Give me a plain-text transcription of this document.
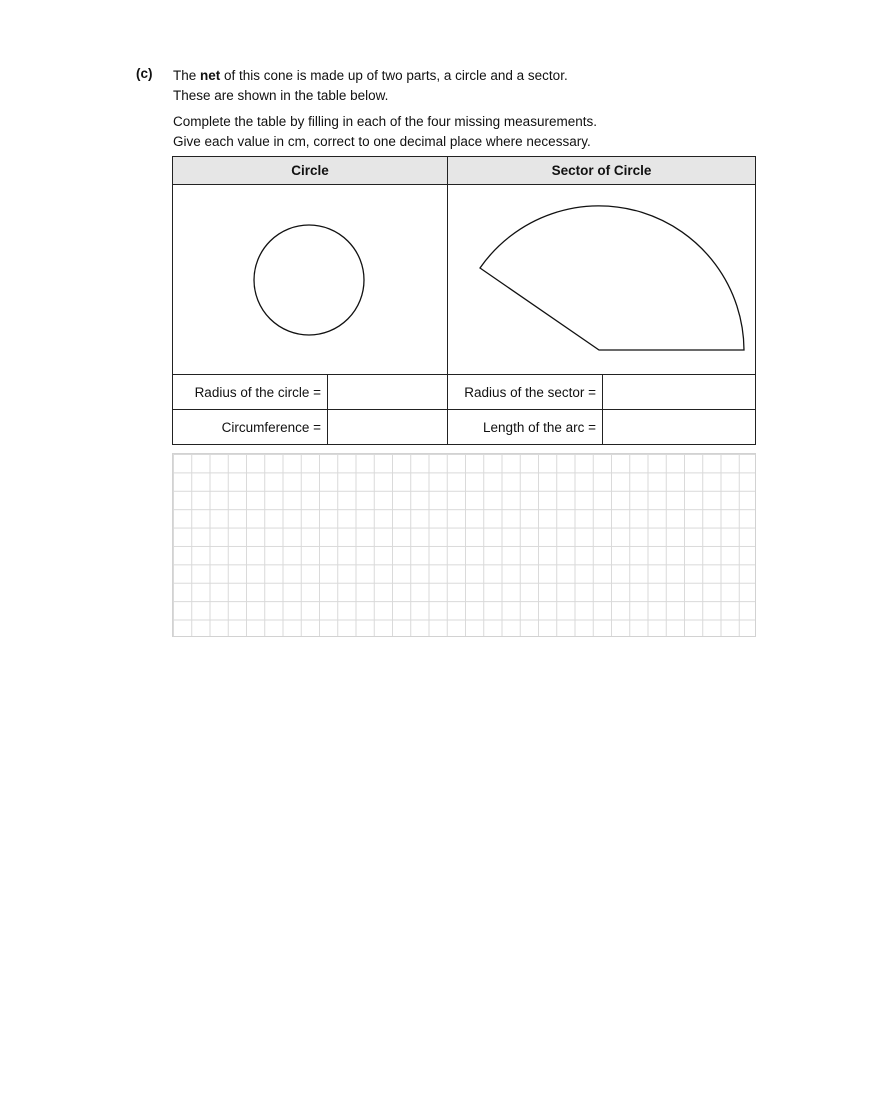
(c) The net of this cone is made up of two parts, a circle and a sector.
These are shown in the table below.
Complete the table by filling in each of the four missing measurements.
Give each value in cm, correct to one decimal place where necessary.
Circle	Sector of Circle
Radius of the circle =	Radius of the sector =
Circumference =	Length of the arc =
